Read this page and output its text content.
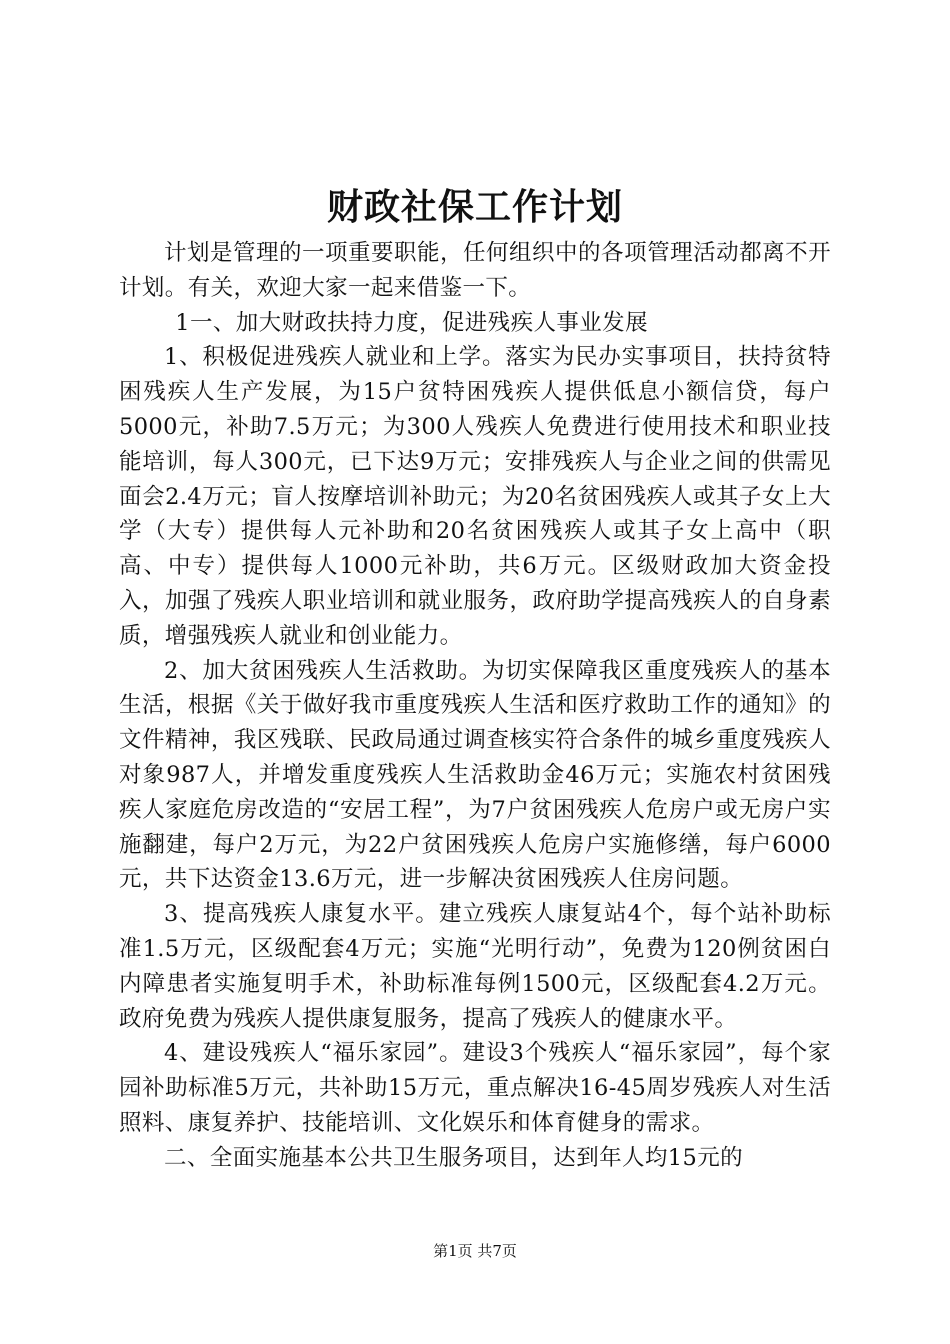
财政社保工作计划

计划是管理的一项重要职能，任何组织中的各项管理活动都离不开计划。有关，欢迎大家一起来借鉴一下。

1一、加大财政扶持力度，促进残疾人事业发展

1、积极促进残疾人就业和上学。落实为民办实事项目，扶持贫特困残疾人生产发展，为15户贫特困残疾人提供低息小额信贷，每户5000元，补助7.5万元；为300人残疾人免费进行使用技术和职业技能培训，每人300元，已下达9万元；安排残疾人与企业之间的供需见面会2.4万元；盲人按摩培训补助元；为20名贫困残疾人或其子女上大学（大专）提供每人元补助和20名贫困残疾人或其子女上高中（职高、中专）提供每人1000元补助，共6万元。区级财政加大资金投入，加强了残疾人职业培训和就业服务，政府助学提高残疾人的自身素质，增强残疾人就业和创业能力。

2、加大贫困残疾人生活救助。为切实保障我区重度残疾人的基本生活，根据《关于做好我市重度残疾人生活和医疗救助工作的通知》的文件精神，我区残联、民政局通过调查核实符合条件的城乡重度残疾人对象987人，并增发重度残疾人生活救助金46万元；实施农村贫困残疾人家庭危房改造的“安居工程”，为7户贫困残疾人危房户或无房户实施翻建，每户2万元，为22户贫困残疾人危房户实施修缮，每户6000元，共下达资金13.6万元，进一步解决贫困残疾人住房问题。

3、提高残疾人康复水平。建立残疾人康复站4个，每个站补助标准1.5万元，区级配套4万元；实施“光明行动”，免费为120例贫困白内障患者实施复明手术，补助标准每例1500元，区级配套4.2万元。政府免费为残疾人提供康复服务，提高了残疾人的健康水平。

4、建设残疾人“福乐家园”。建设3个残疾人“福乐家园”，每个家园补助标准5万元，共补助15万元，重点解决16-45周岁残疾人对生活照料、康复养护、技能培训、文化娱乐和体育健身的需求。

二、全面实施基本公共卫生服务项目，达到年人均15元的

第1页 共7页
